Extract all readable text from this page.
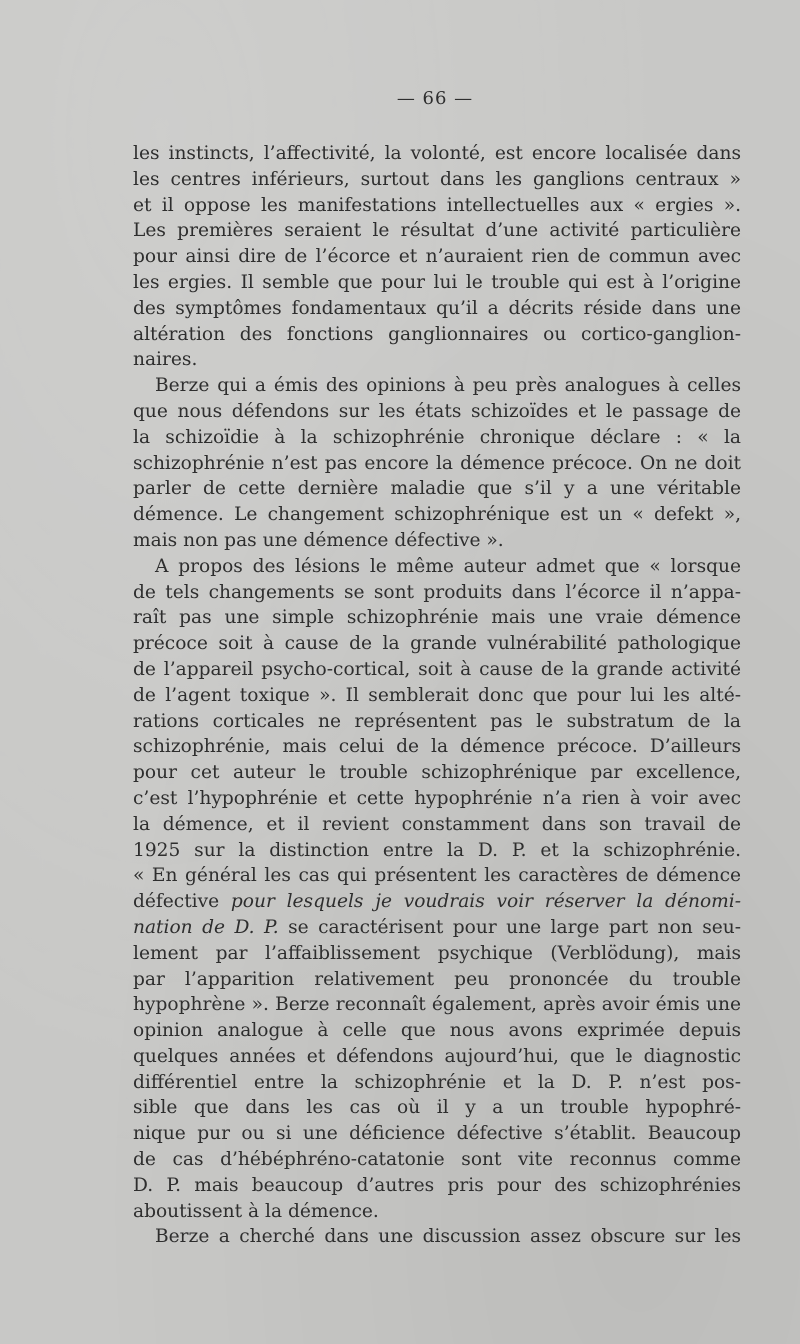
— 66 —
les instincts, l’affectivité, la volonté, est encore localisée dans
les centres inférieurs, surtout dans les ganglions centraux »
et il oppose les manifestations intellectuelles aux « ergies ».
Les premières seraient le résultat d’une activité particulière
pour ainsi dire de l’écorce et n’auraient rien de commun avec
les ergies. Il semble que pour lui le trouble qui est à l’origine
des symptômes fondamentaux qu’il a décrits réside dans une
altération des fonctions ganglionnaires ou cortico-ganglion-
naires.
Berze qui a émis des opinions à peu près analogues à celles
que nous défendons sur les états schizoïdes et le passage de
la schizoïdie à la schizophrénie chronique déclare : « la
schizophrénie n’est pas encore la démence précoce. On ne doit
parler de cette dernière maladie que s’il y a une véritable
démence. Le changement schizophrénique est un « defekt »,
mais non pas une démence défective ».
A propos des lésions le même auteur admet que « lorsque
de tels changements se sont produits dans l’écorce il n’appa-
raît pas une simple schizophrénie mais une vraie démence
précoce soit à cause de la grande vulnérabilité pathologique
de l’appareil psycho-cortical, soit à cause de la grande activité
de l’agent toxique ». Il semblerait donc que pour lui les alté-
rations corticales ne représentent pas le substratum de la
schizophrénie, mais celui de la démence précoce. D’ailleurs
pour cet auteur le trouble schizophrénique par excellence,
c’est l’hypophrénie et cette hypophrénie n’a rien à voir avec
la démence, et il revient constamment dans son travail de
1925 sur la distinction entre la D. P. et la schizophrénie.
« En général les cas qui présentent les caractères de démence
défective pour lesquels je voudrais voir réserver la dénomi-
nation de D. P. se caractérisent pour une large part non seu-
lement par l’affaiblissement psychique (Verblödung), mais
par l’apparition relativement peu prononcée du trouble
hypophrène ». Berze reconnaît également, après avoir émis une
opinion analogue à celle que nous avons exprimée depuis
quelques années et défendons aujourd’hui, que le diagnostic
différentiel entre la schizophrénie et la D. P. n’est pos-
sible que dans les cas où il y a un trouble hypophré-
nique pur ou si une déficience défective s’établit. Beaucoup
de cas d’hébéphréno-catatonie sont vite reconnus comme
D. P. mais beaucoup d’autres pris pour des schizophrénies
aboutissent à la démence.
Berze a cherché dans une discussion assez obscure sur les
